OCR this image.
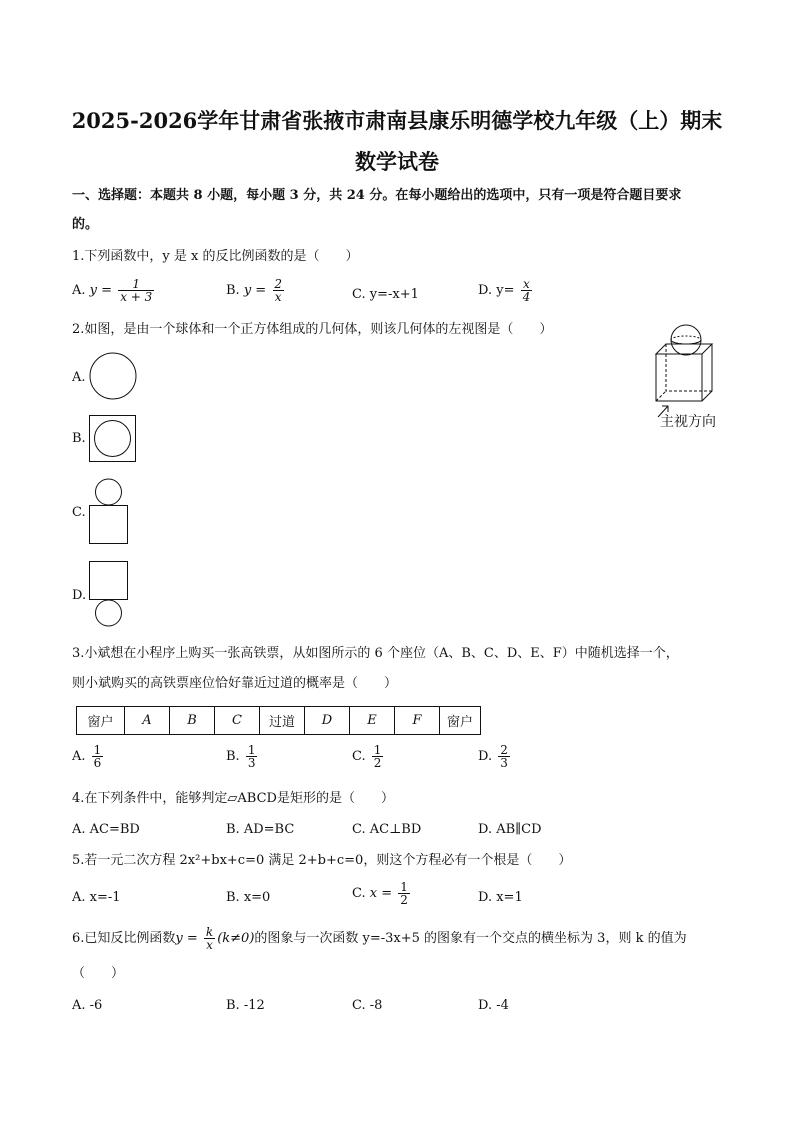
2025-2026学年甘肃省张掖市肃南县康乐明德学校九年级（上）期末
数学试卷
一、选择题：本题共 8 小题，每小题 3 分，共 24 分。在每小题给出的选项中，只有一项是符合题目要求
的。
1.下列函数中，y 是 x 的反比例函数的是（　　）
A. $y = \frac{1}{x + 3}$	B. $y = \frac{2}{x}$	C. y=-x+1	D. $y= \frac{x}{4}$
2.如图，是由一个球体和一个正方体组成的几何体，则该几何体的左视图是（　　）
A.
B.
C.
D.
主视方向
3.小斌想在小程序上购买一张高铁票，从如图所示的 6 个座位（A、B、C、D、E、F）中随机选择一个，
则小斌购买的高铁票座位恰好靠近过道的概率是（　　）
窗户	A	B	C	过道	D	E	F	窗户
A. $\frac{1}{6}$	B. $\frac{1}{3}$	C. $\frac{1}{2}$	D. $\frac{2}{3}$
4.在下列条件中，能够判定▱ABCD是矩形的是（　　）
A. AC=BD	B. AD=BC	C. AC⊥BD	D. AB∥CD
5.若一元二次方程 2x²+bx+c=0 满足 2+b+c=0，则这个方程必有一个根是（　　）
A. x=-1	B. x=0	C. $x = \frac{1}{2}$	D. x=1
6.已知反比例函数$y = \frac{k}{x} (k\ne 0)$的图象与一次函数 y=-3x+5 的图象有一个交点的横坐标为 3，则 k 的值为
（　　）
A. -6	B. -12	C. -8	D. -4
